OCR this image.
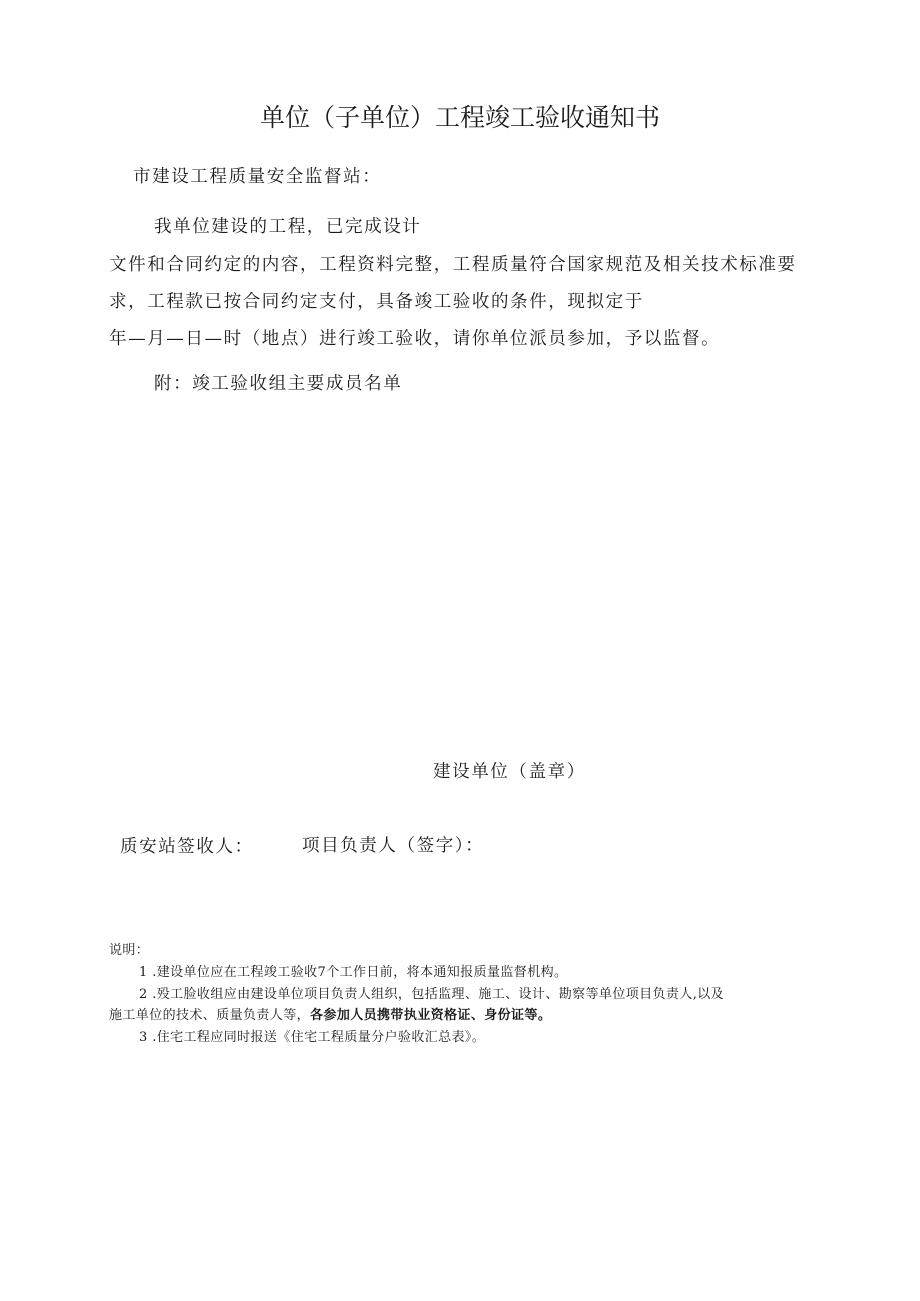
单位（子单位）工程竣工验收通知书
市建设工程质量安全监督站：
我单位建设的工程，已完成设计
文件和合同约定的内容，工程资料完整，工程质量符合国家规范及相关技术标准要
求，工程款已按合同约定支付，具备竣工验收的条件，现拟定于
年—月—日—时（地点）进行竣工验收，请你单位派员参加，予以监督。
附：竣工验收组主要成员名单
建设单位（盖章）
质安站签收人：	项目负责人（签字）：
说明：
1 .建设单位应在工程竣工验收7个工作日前，将本通知报质量监督机构。
2 .殁工脸收组应由建设单位项目负责人组织，包括监理、施工、设计、勘察等单位项目负责人,以及
施工单位的技术、质量负责人等，各参加人员携带执业资格证、身份证等。
3 .住宅工程应同时报送《住宅工程质量分户验收汇总表》。
